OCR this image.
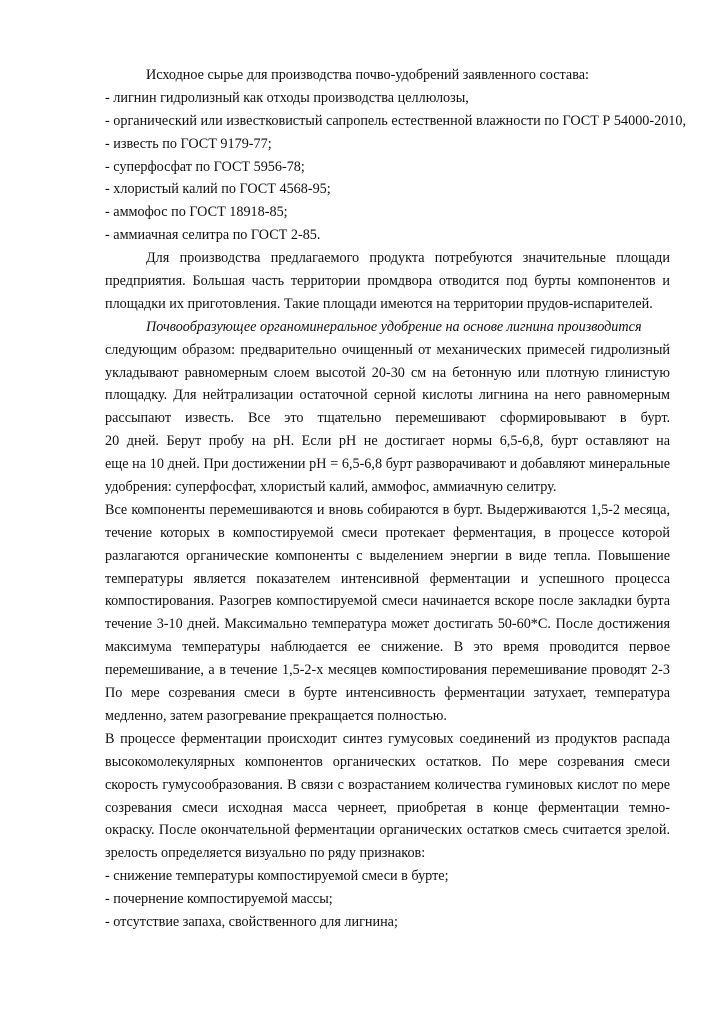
Исходное сырье для производства почво-удобрений заявленного состава:
- лигнин гидролизный как отходы производства целлюлозы,
- органический или известковистый сапропель естественной влажности по ГОСТ Р 54000-2010,
- известь по ГОСТ 9179-77;
- суперфосфат по ГОСТ 5956-78;
- хлористый калий по ГОСТ 4568-95;
- аммофос по ГОСТ 18918-85;
- аммиачная селитра по ГОСТ 2-85.
Для производства предлагаемого продукта потребуются значительные площади
предприятия. Большая часть территории промдвора отводится под бурты компонентов и
площадки их приготовления. Такие площади имеются на территории прудов-испарителей.
Почвообразующее органоминеральное удобрение на основе лигнина производится
следующим образом: предварительно очищенный от механических примесей гидролизный
укладывают равномерным слоем высотой 20-30 см на бетонную или плотную глинистую
площадку. Для нейтрализации остаточной серной кислоты лигнина на него равномерным
рассыпают известь. Все это тщательно перемешивают сформировывают в бурт.
20 дней. Берут пробу на pH. Если pH не достигает нормы 6,5-6,8, бурт оставляют на
еще на 10 дней. При достижении pH = 6,5-6,8 бурт разворачивают и добавляют минеральные
удобрения: суперфосфат, хлористый калий, аммофос, аммиачную селитру.
Все компоненты перемешиваются и вновь собираются в бурт. Выдерживаются 1,5-2 месяца,
течение которых в компостируемой смеси протекает ферментация, в процессе которой
разлагаются органические компоненты с выделением энергии в виде тепла. Повышение
температуры является показателем интенсивной ферментации и успешного процесса
компостирования. Разогрев компостируемой смеси начинается вскоре после закладки бурта
течение 3-10 дней. Максимально температура может достигать 50-60*С. После достижения
максимума температуры наблюдается ее снижение. В это время проводится первое
перемешивание, а в течение 1,5-2-х месяцев компостирования перемешивание проводят 2-3
По мере созревания смеси в бурте интенсивность ферментации затухает, температура
медленно, затем разогревание прекращается полностью.
В процессе ферментации происходит синтез гумусовых соединений из продуктов распада
высокомолекулярных компонентов органических остатков. По мере созревания смеси
скорость гумусообразования. В связи с возрастанием количества гуминовых кислот по мере
созревания смеси исходная масса чернеет, приобретая в конце ферментации темно-
окраску. После окончательной ферментации органических остатков смесь считается зрелой.
зрелость определяется визуально по ряду признаков:
- снижение температуры компостируемой смеси в бурте;
- почернение компостируемой массы;
- отсутствие запаха, свойственного для лигнина;
